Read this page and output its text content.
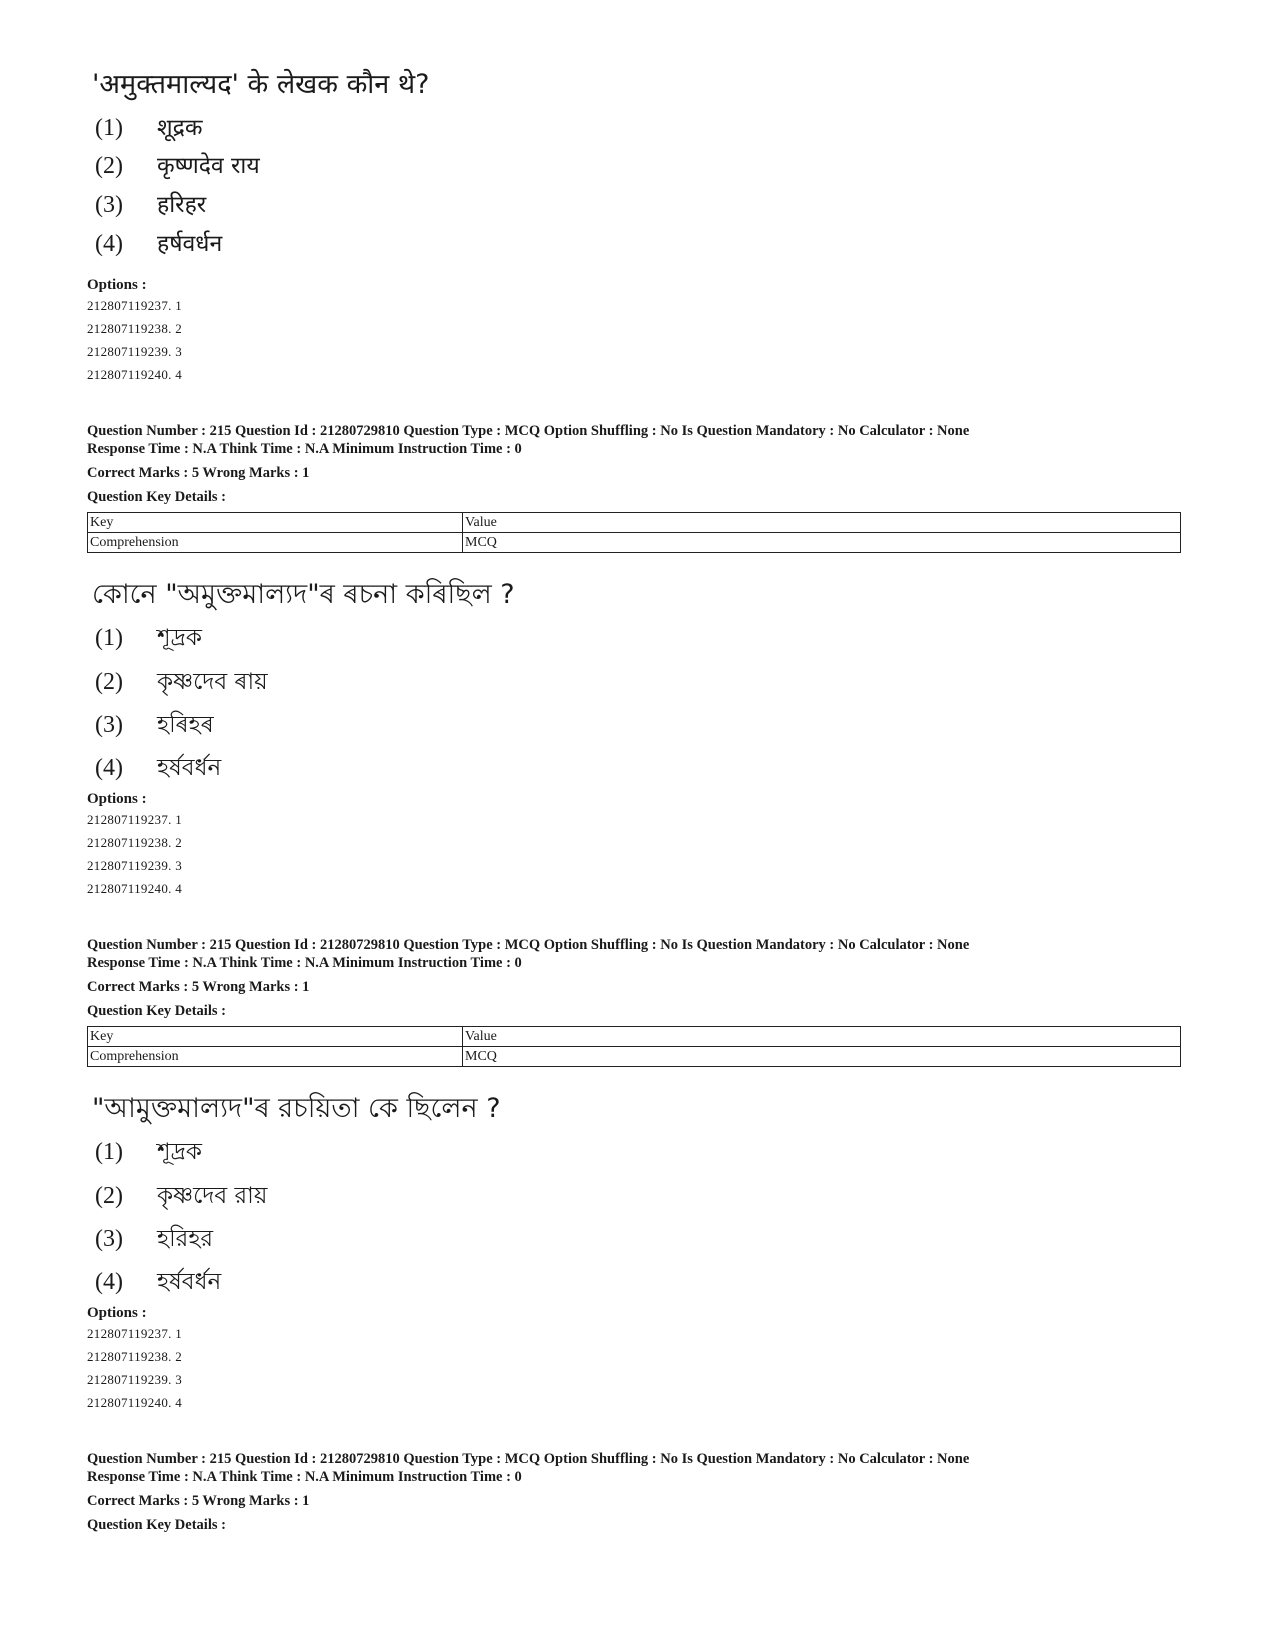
'अमुक्तमाल्यद' के लेखक कौन थे?
(1) शूद्रक
(2) कृष्णदेव राय
(3) हरिहर
(4) हर्षवर्धन
Options :
212807119237. 1
212807119238. 2
212807119239. 3
212807119240. 4
Question Number : 215 Question Id : 21280729810 Question Type : MCQ Option Shuffling : No Is Question Mandatory : No Calculator : None
Response Time : N.A Think Time : N.A Minimum Instruction Time : 0
Correct Marks : 5 Wrong Marks : 1
Question Key Details :
Key	Value
Comprehension	MCQ
কোনে "অমুক্তমাল্যদ"ৰ ৰচনা কৰিছিল ?
(1) শূদ্ৰক
(2) কৃষ্ণদেব ৰায়
(3) হৰিহৰ
(4) হৰ্ষবৰ্ধন
Options :
212807119237. 1
212807119238. 2
212807119239. 3
212807119240. 4
Question Number : 215 Question Id : 21280729810 Question Type : MCQ Option Shuffling : No Is Question Mandatory : No Calculator : None
Response Time : N.A Think Time : N.A Minimum Instruction Time : 0
Correct Marks : 5 Wrong Marks : 1
Question Key Details :
Key	Value
Comprehension	MCQ
"আমুক্তমাল্যদ"ৰ রচয়িতা কে ছিলেন ?
(1) শূদ্রক
(2) কৃষ্ণদেব রায়
(3) হরিহর
(4) হর্ষবর্ধন
Options :
212807119237. 1
212807119238. 2
212807119239. 3
212807119240. 4
Question Number : 215 Question Id : 21280729810 Question Type : MCQ Option Shuffling : No Is Question Mandatory : No Calculator : None
Response Time : N.A Think Time : N.A Minimum Instruction Time : 0
Correct Marks : 5 Wrong Marks : 1
Question Key Details :
